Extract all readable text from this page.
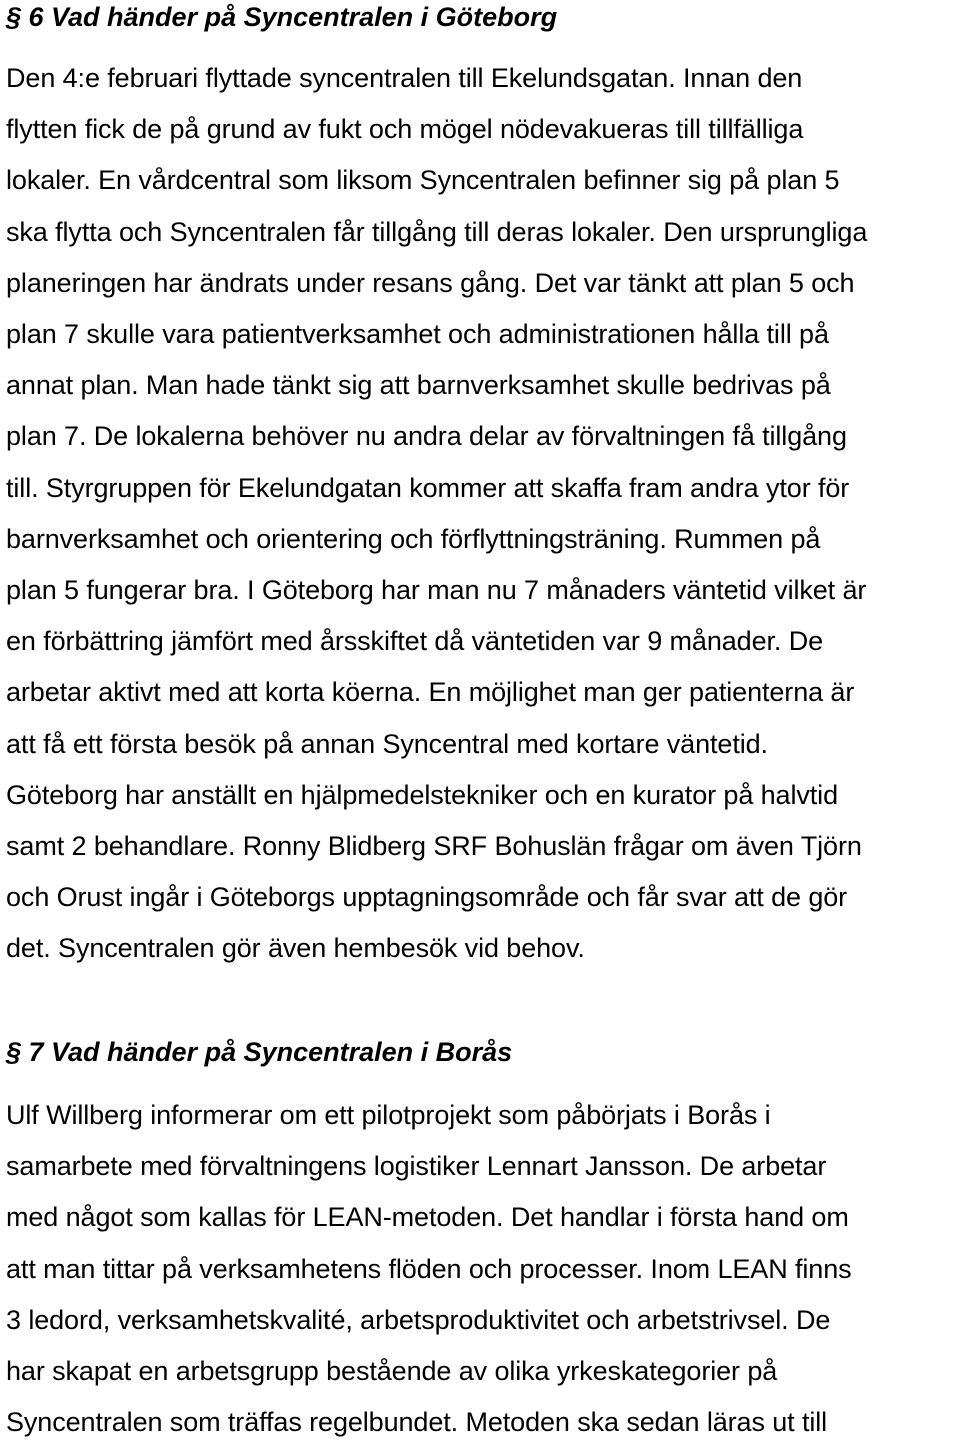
§ 6 Vad händer på Syncentralen i Göteborg
Den 4:e februari flyttade syncentralen till Ekelundsgatan. Innan den
flytten fick de på grund av fukt och mögel nödevakueras till tillfälliga
lokaler. En vårdcentral som liksom Syncentralen befinner sig på plan 5
ska flytta och Syncentralen får tillgång till deras lokaler. Den ursprungliga
planeringen har ändrats under resans gång. Det var tänkt att plan 5 och
plan 7 skulle vara patientverksamhet och administrationen hålla till på
annat plan. Man hade tänkt sig att barnverksamhet skulle bedrivas på
plan 7. De lokalerna behöver nu andra delar av förvaltningen få tillgång
till. Styrgruppen för Ekelundgatan kommer att skaffa fram andra ytor för
barnverksamhet och orientering och förflyttningsträning. Rummen på
plan 5 fungerar bra. I Göteborg har man nu 7 månaders väntetid vilket är
en förbättring jämfört med årsskiftet då väntetiden var 9 månader. De
arbetar aktivt med att korta köerna. En möjlighet man ger patienterna är
att få ett första besök på annan Syncentral med kortare väntetid.
Göteborg har anställt en hjälpmedelstekniker och en kurator på halvtid
samt 2 behandlare. Ronny Blidberg SRF Bohuslän frågar om även Tjörn
och Orust ingår i Göteborgs upptagningsområde och får svar att de gör
det. Syncentralen gör även hembesök vid behov.
§ 7 Vad händer på Syncentralen i Borås
Ulf Willberg informerar om ett pilotprojekt som påbörjats i Borås i
samarbete med förvaltningens logistiker Lennart Jansson. De arbetar
med något som kallas för LEAN-metoden. Det handlar i första hand om
att man tittar på verksamhetens flöden och processer. Inom LEAN finns
3 ledord, verksamhetskvalité, arbetsproduktivitet och arbetstrivsel. De
har skapat en arbetsgrupp bestående av olika yrkeskategorier på
Syncentralen som träffas regelbundet. Metoden ska sedan läras ut till
